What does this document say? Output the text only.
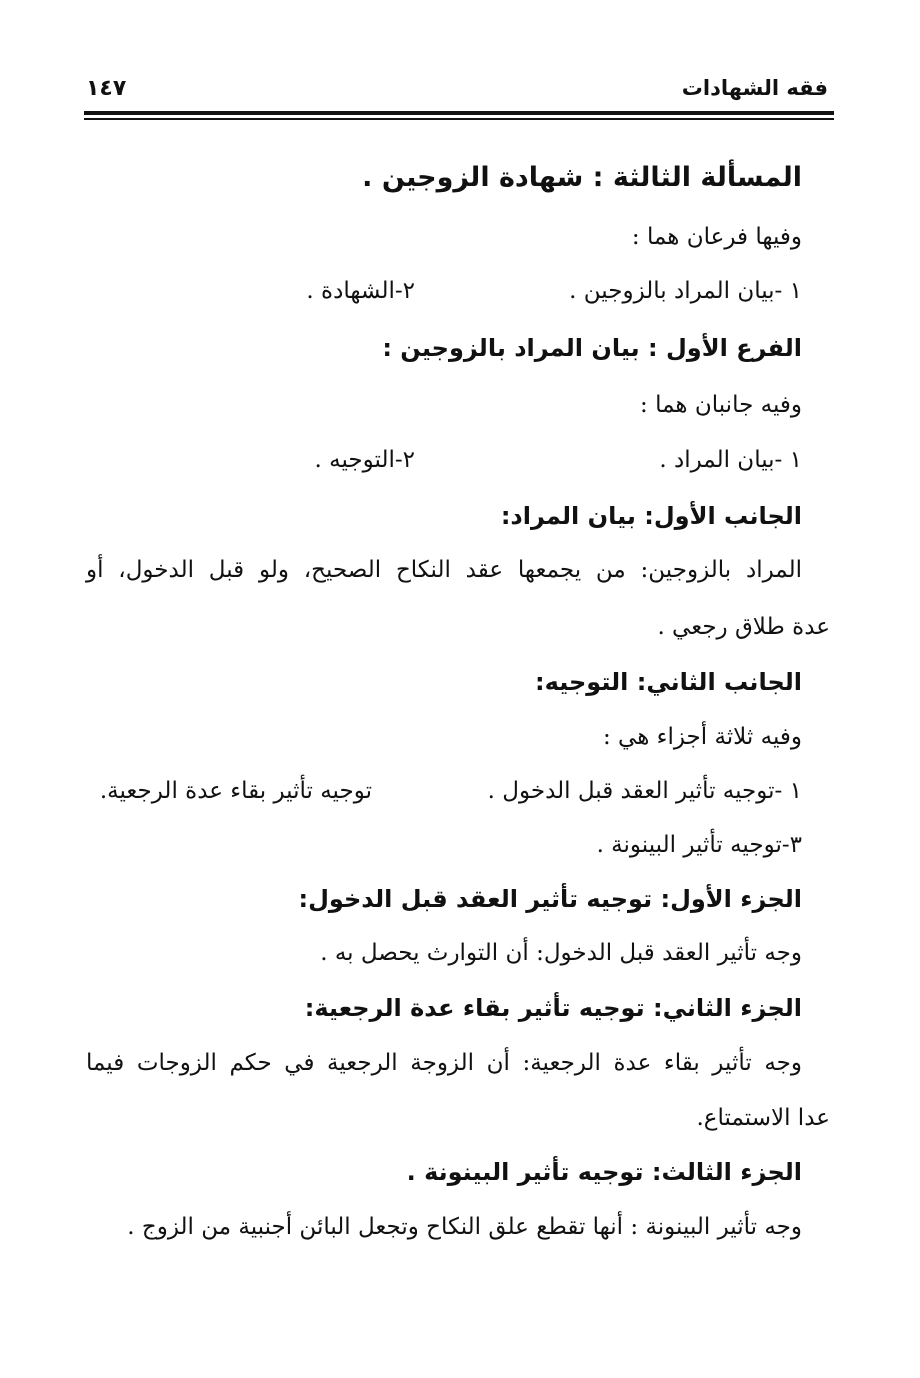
فقه الشهادات
١٤٧
المسألة الثالثة : شهادة الزوجين .
وفيها فرعان هما :
١ -بيان المراد بالزوجين .
٢-الشهادة .
الفرع الأول : بيان المراد بالزوجين :
وفيه جانبان هما :
١ -بيان المراد .
٢-التوجيه .
الجانب الأول: بيان المراد:
المراد بالزوجين: من يجمعها عقد النكاح الصحيح، ولو قبل الدخول، أو
عدة طلاق رجعي .
الجانب الثاني: التوجيه:
وفيه ثلاثة أجزاء هي :
١ -توجيه تأثير العقد قبل الدخول .
توجيه تأثير بقاء عدة الرجعية.
٣-توجيه تأثير البينونة .
الجزء الأول: توجيه تأثير العقد قبل الدخول:
وجه تأثير العقد قبل الدخول: أن التوارث يحصل به .
الجزء الثاني: توجيه تأثير بقاء عدة الرجعية:
وجه تأثير بقاء عدة الرجعية: أن الزوجة الرجعية في حكم الزوجات فيما
عدا الاستمتاع.
الجزء الثالث: توجيه تأثير البينونة .
وجه تأثير البينونة : أنها تقطع علق النكاح وتجعل البائن أجنبية من الزوج .
